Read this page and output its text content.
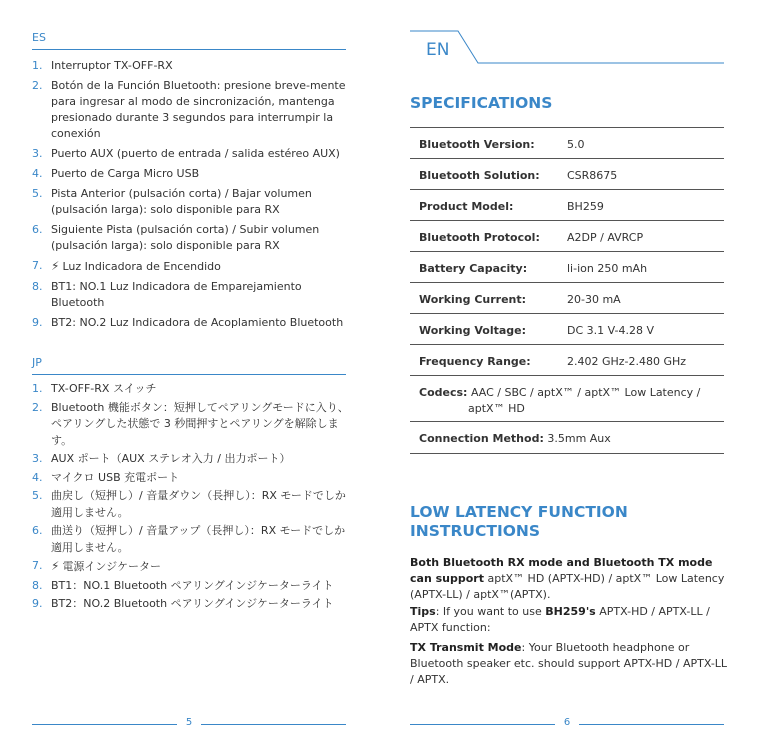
ES
1. Interruptor TX-OFF-RX
2. Botón de la Función Bluetooth: presione breve-mente para ingresar al modo de sincronización, mantenga presionado durante 3 segundos para interrumpir la conexión
3. Puerto AUX (puerto de entrada / salida estéreo AUX)
4. Puerto de Carga Micro USB
5. Pista Anterior (pulsación corta) / Bajar volumen (pulsación larga): solo disponible para RX
6. Siguiente Pista (pulsación corta) / Subir volumen (pulsación larga): solo disponible para RX
7. ⚡ Luz Indicadora de Encendido
8. BT1: NO.1 Luz Indicadora de Emparejamiento Bluetooth
9. BT2: NO.2 Luz Indicadora de Acoplamiento Bluetooth
JP
1. TX-OFF-RX スイッチ
2. Bluetooth 機能ボタン：短押してペアリングモードに入り、ペアリングした状態で 3 秒間押すとペアリングを解除します。
3. AUX ポート（AUX ステレオ入力 / 出力ポート）
4. マイクロ USB 充電ポート
5. 曲戻し（短押し）/ 音量ダウン（長押し）：RX モードでしか適用しません。
6. 曲送り（短押し）/ 音量アップ（長押し）：RX モードでしか適用しません。
7. ⚡ 電源インジケーター
8. BT1：NO.1 Bluetooth ペアリングインジケーターライト
9. BT2：NO.2 Bluetooth ペアリングインジケーターライト
5
EN
SPECIFICATIONS
Bluetooth Version:	5.0
Bluetooth Solution: CSR8675
Product Model:	BH259
Bluetooth Protocol: A2DP / AVRCP
Battery Capacity:	li-ion 250 mAh
Working Current:	20-30 mA
Working Voltage:	DC 3.1 V-4.28 V
Frequency Range:	2.402 GHz-2.480 GHz
Codecs: AAC / SBC / aptX™ / aptX™ Low Latency /
aptX™ HD
Connection Method: 3.5mm Aux
LOW LATENCY FUNCTION INSTRUCTIONS
Both Bluetooth RX mode and Bluetooth TX mode can support aptX™ HD (APTX-HD) / aptX™ Low Latency (APTX-LL) / aptX™(APTX).
Tips: If you want to use BH259's APTX-HD / APTX-LL / APTX function:
TX Transmit Mode: Your Bluetooth headphone or Bluetooth speaker etc. should support APTX-HD / APTX-LL / APTX.
6
